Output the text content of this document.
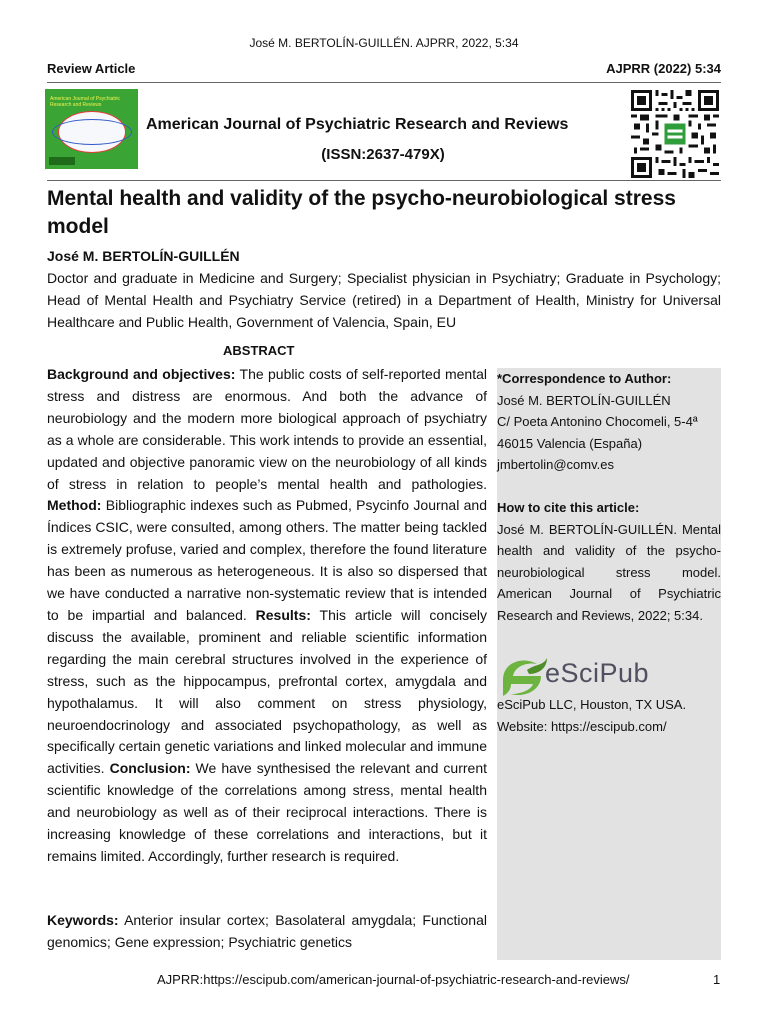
José M. BERTOLÍN-GUILLÉN. AJPRR, 2022, 5:34
Review Article	AJPRR (2022) 5:34
American Journal of Psychiatric Research and Reviews
American Journal of Psychiatric Research and Reviews
(ISSN:2637-479X)
Mental health and validity of the psycho-neurobiological stress model
José M. BERTOLÍN-GUILLÉN
Doctor and graduate in Medicine and Surgery; Specialist physician in Psychiatry; Graduate in Psychology; Head of Mental Health and Psychiatry Service (retired) in a Department of Health, Ministry for Universal Healthcare and Public Health, Government of Valencia, Spain, EU
ABSTRACT
Background and objectives: The public costs of self-reported mental stress and distress are enormous. And both the advance of neurobiology and the modern more biological approach of psychiatry as a whole are considerable. This work intends to provide an essential, updated and objective panoramic view on the neurobiology of all kinds of stress in relation to people’s mental health and pathologies. Method: Bibliographic indexes such as Pubmed, Psycinfo Journal and Índices CSIC, were consulted, among others. The matter being tackled is extremely profuse, varied and complex, therefore the found literature has been as numerous as heterogeneous. It is also so dispersed that we have conducted a narrative non-systematic review that is intended to be impartial and balanced. Results: This article will concisely discuss the available, prominent and reliable scientific information regarding the main cerebral structures involved in the experience of stress, such as the hippocampus, prefrontal cortex, amygdala and hypothalamus. It will also comment on stress physiology, neuroendocrinology and associated psychopathology, as well as specifically certain genetic variations and linked molecular and immune activities. Conclusion: We have synthesised the relevant and current scientific knowledge of the correlations among stress, mental health and neurobiology as well as of their reciprocal interactions. There is increasing knowledge of these correlations and interactions, but it remains limited. Accordingly, further research is required.
Keywords: Anterior insular cortex; Basolateral amygdala; Functional genomics; Gene expression; Psychiatric genetics
*Correspondence to Author:
José M. BERTOLÍN-GUILLÉN
C/ Poeta Antonino Chocomeli, 5-4ª
46015 Valencia (España)
jmbertolin@comv.es
How to cite this article:
José M. BERTOLÍN-GUILLÉN. Mental health and validity of the psycho-neurobiological stress model. American Journal of Psychiatric Research and Reviews, 2022; 5:34.
eSciPub
eSciPub LLC, Houston, TX USA.
Website: https://escipub.com/
AJPRR:https://escipub.com/american-journal-of-psychiatric-research-and-reviews/	1
